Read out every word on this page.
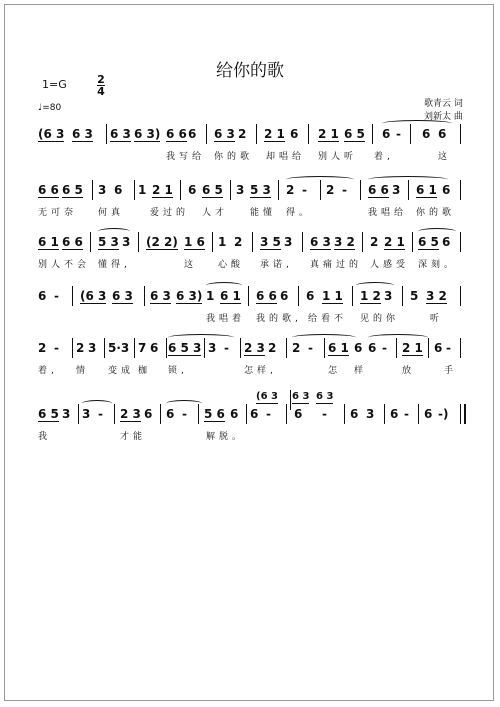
给你的歌
1=G	2
4
♩=80	歌青云 词
刘新太 曲
(6 3 6 3 6 3
(6 3 6 3 6 3 6 3) 6 6 6 6 3 2 2 1 6 2 1 6 5 6 - 6 6
我写给 你的歌 却唱给 别人听 着,	这
6 6 6 5 3 6 1 2 1 6 6 5 3 5 3 2 - 2 - 6 6 3 6 1 6
无可奈 何真	爱过的 人才 能懂 得。	我唱给 你的歌
6 1 6 6 5 3 3 (2 2) 1 6 1 2 3 5 3 6 3 3 2 2 2 1 6 5 6
别人不会 懂得,	这 心酸 承诺, 真痛过的 人感受 深刻。
6 - (6 3 6 3 6 3 6 3) 1 6 1 6 6 6 6 1 1 1 2 3 5 3 2
我唱着 我的歌, 给看不 见的你	听
2 - 2 3 5·3 7 6 6 5 3 3 - 2 3 2 2 - 6 1 6 6 - 2 1 6 -
着, 情 变成 枷 锁,	怎样,	怎 样	放	手
6 5 3 3 - 2 3 6 6 - 5 6 6 6 - 6 - 6 3 6 - 6 -)
我	才能	解脱。
